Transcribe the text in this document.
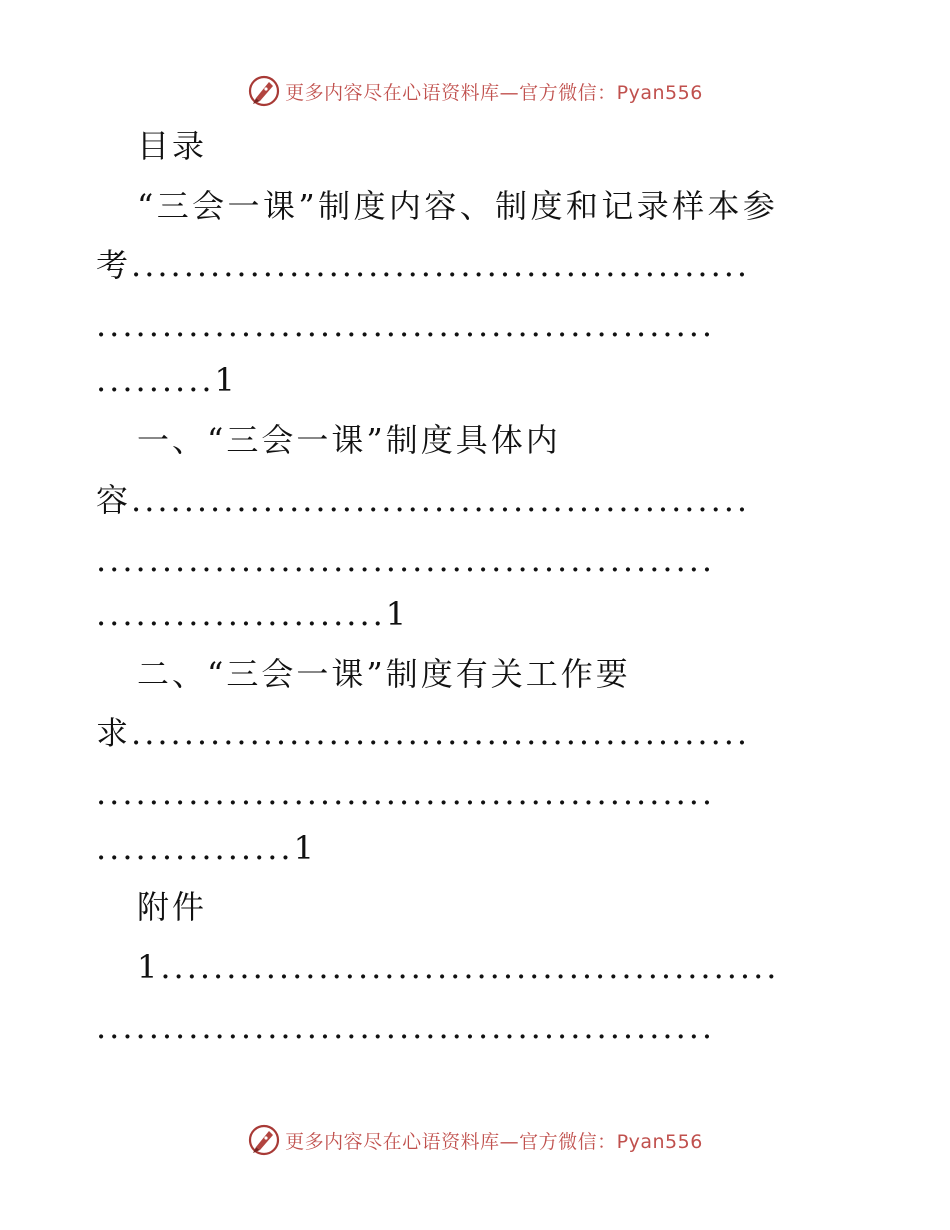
更多内容尽在心语资料库—官方微信：Pyan556
目录
“三会一课”制度内容、制度和记录样本参
考...............................................
...............................................
.........1
一、“三会一课”制度具体内
容...............................................
...............................................
......................1
二、“三会一课”制度有关工作要
求...............................................
...............................................
...............1
附件
1...............................................
...............................................
更多内容尽在心语资料库—官方微信：Pyan556
